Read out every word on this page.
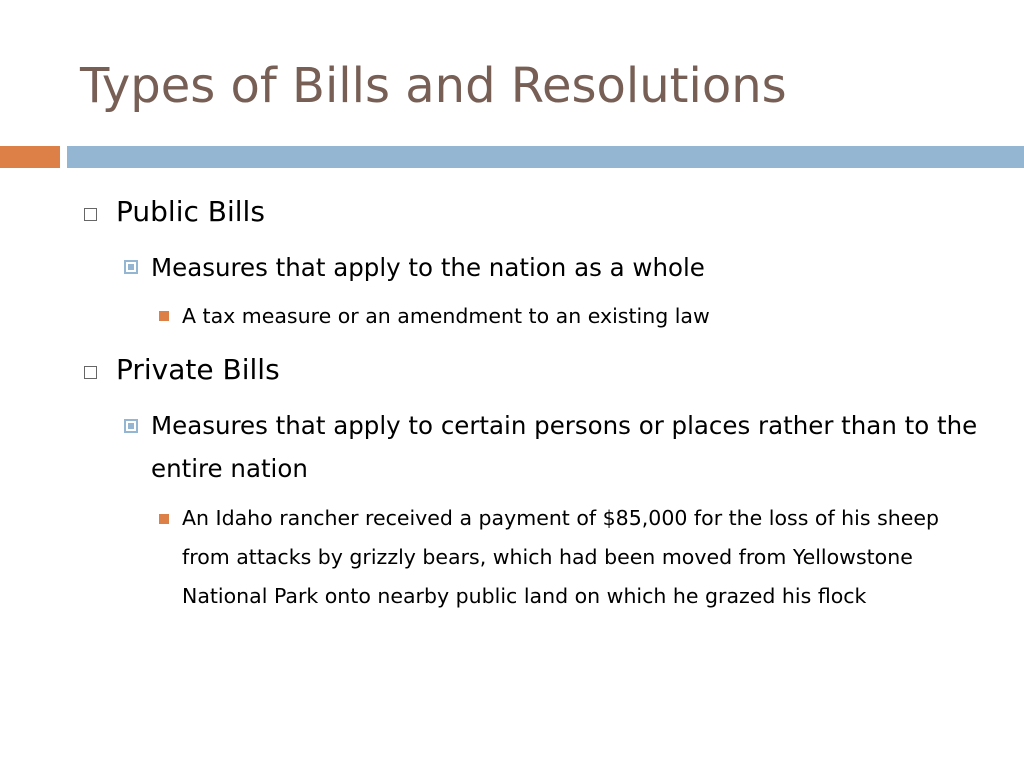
Types of Bills and Resolutions
Public Bills
Measures that apply to the nation as a whole
A tax measure or an amendment to an existing law
Private Bills
Measures that apply to certain persons or places rather than to the entire nation
An Idaho rancher received a payment of $85,000 for the loss of his sheep from attacks by grizzly bears, which had been moved from Yellowstone National Park onto nearby public land on which he grazed his flock
